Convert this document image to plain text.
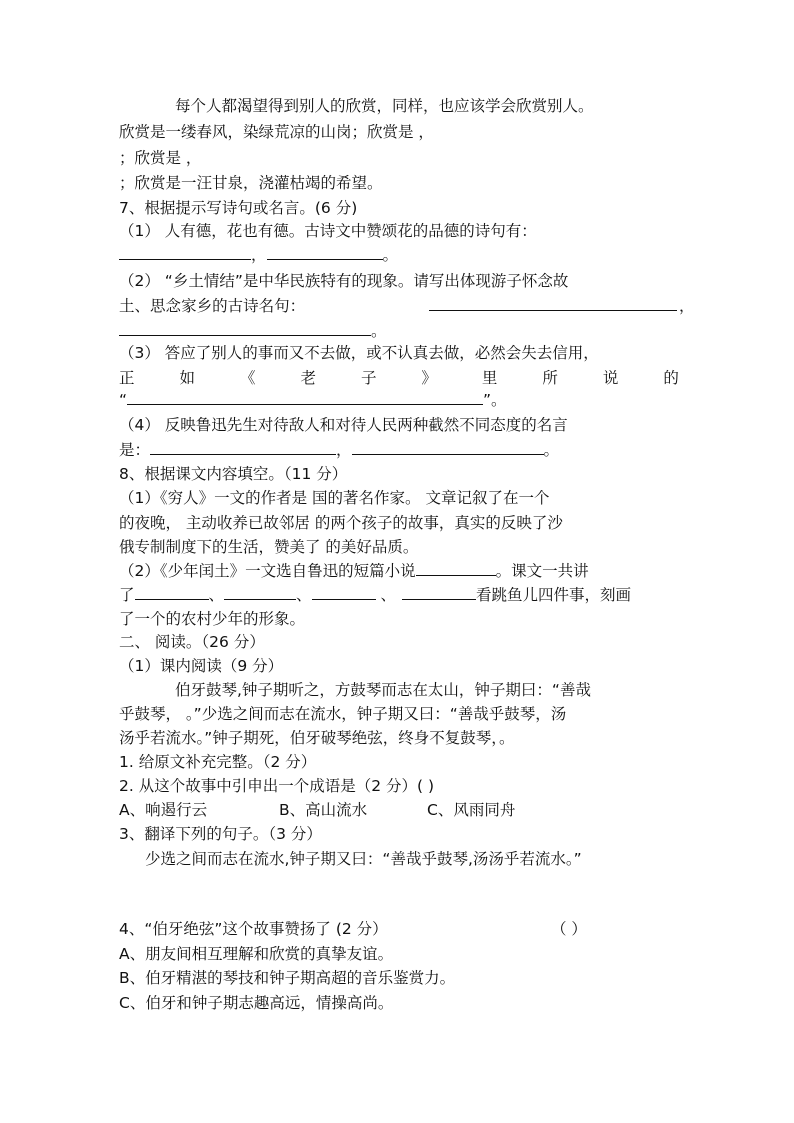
每个人都渴望得到别人的欣赏，同样，也应该学会欣赏别人。
欣赏是一缕春风，染绿荒凉的山岗；欣赏是 ，
；欣赏是 ，
；欣赏是一汪甘泉，浇灌枯竭的希望。
7、根据提示写诗句或名言。(6 分)
（1） 人有德，花也有德。古诗文中赞颂花的品德的诗句有：
，	。
（2） “乡土情结”是中华民族特有的现象。请写出体现游子怀念故
土、思念家乡的古诗名句：	，
。
（3） 答应了别人的事而又不去做，或不认真去做，必然会失去信用，
正	如	《	老	子	》	里	所	说	的
“	”。
（4） 反映鲁迅先生对待敌人和对待人民两种截然不同态度的名言
是：	，	。
8、根据课文内容填空。（11 分）
（1）《穷人》一文的作者是 国的著名作家。 文章记叙了在一个
的夜晚， 主动收养已故邻居 的两个孩子的故事，真实的反映了沙
俄专制制度下的生活，赞美了 的美好品质。
（2）《少年闰土》一文选自鲁迅的短篇小说	。课文一共讲
了	、	、	、	看跳鱼儿四件事，刻画
了一个的农村少年的形象。
二、 阅读。（26 分）
（1）课内阅读（9 分）
伯牙鼓琴,钟子期听之，方鼓琴而志在太山，钟子期曰：“善哉
乎鼓琴， 。”少选之间而志在流水，钟子期又曰：“善哉乎鼓琴，汤
汤乎若流水。”钟子期死，伯牙破琴绝弦，终身不复鼓琴，。
1. 给原文补充完整。（2 分）
2. 从这个故事中引申出一个成语是（2 分）( )
A、响遏行云	B、高山流水	C、风雨同舟
3、翻译下列的句子。（3 分）
少选之间而志在流水,钟子期又曰：“善哉乎鼓琴,汤汤乎若流水。”
4、“伯牙绝弦”这个故事赞扬了 (2 分）	（ ）
A、朋友间相互理解和欣赏的真挚友谊。
B、伯牙精湛的琴技和钟子期高超的音乐鉴赏力。
C、伯牙和钟子期志趣高远，情操高尚。
